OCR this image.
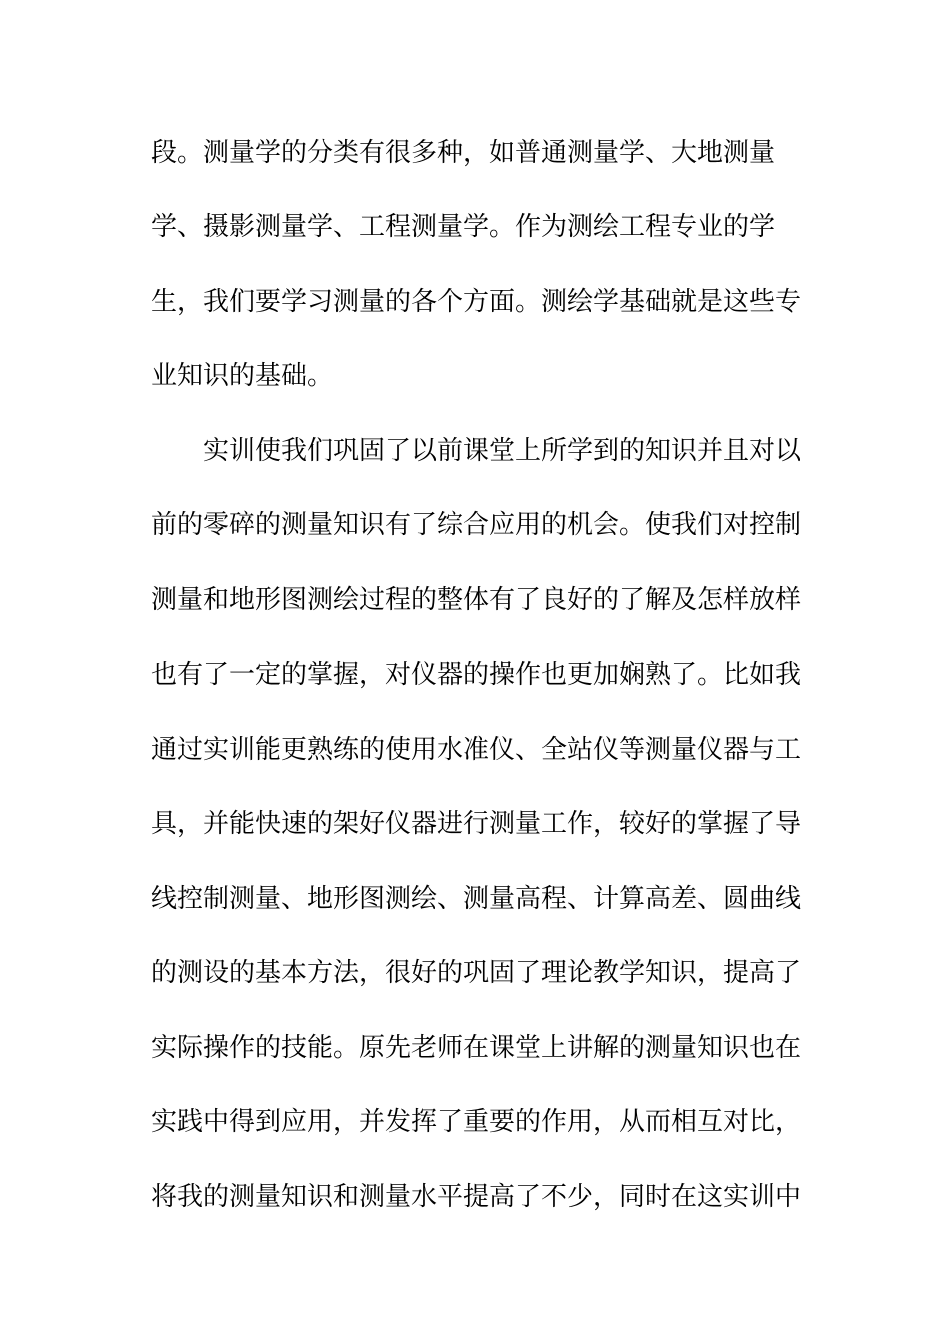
段。测量学的分类有很多种，如普通测量学、大地测量
学、摄影测量学、工程测量学。作为测绘工程专业的学
生，我们要学习测量的各个方面。测绘学基础就是这些专
业知识的基础。
实训使我们巩固了以前课堂上所学到的知识并且对以
前的零碎的测量知识有了综合应用的机会。使我们对控制
测量和地形图测绘过程的整体有了良好的了解及怎样放样
也有了一定的掌握，对仪器的操作也更加娴熟了。比如我
通过实训能更熟练的使用水准仪、全站仪等测量仪器与工
具，并能快速的架好仪器进行测量工作，较好的掌握了导
线控制测量、地形图测绘、测量高程、计算高差、圆曲线
的测设的基本方法，很好的巩固了理论教学知识，提高了
实际操作的技能。原先老师在课堂上讲解的测量知识也在
实践中得到应用，并发挥了重要的作用，从而相互对比，
将我的测量知识和测量水平提高了不少，同时在这实训中
